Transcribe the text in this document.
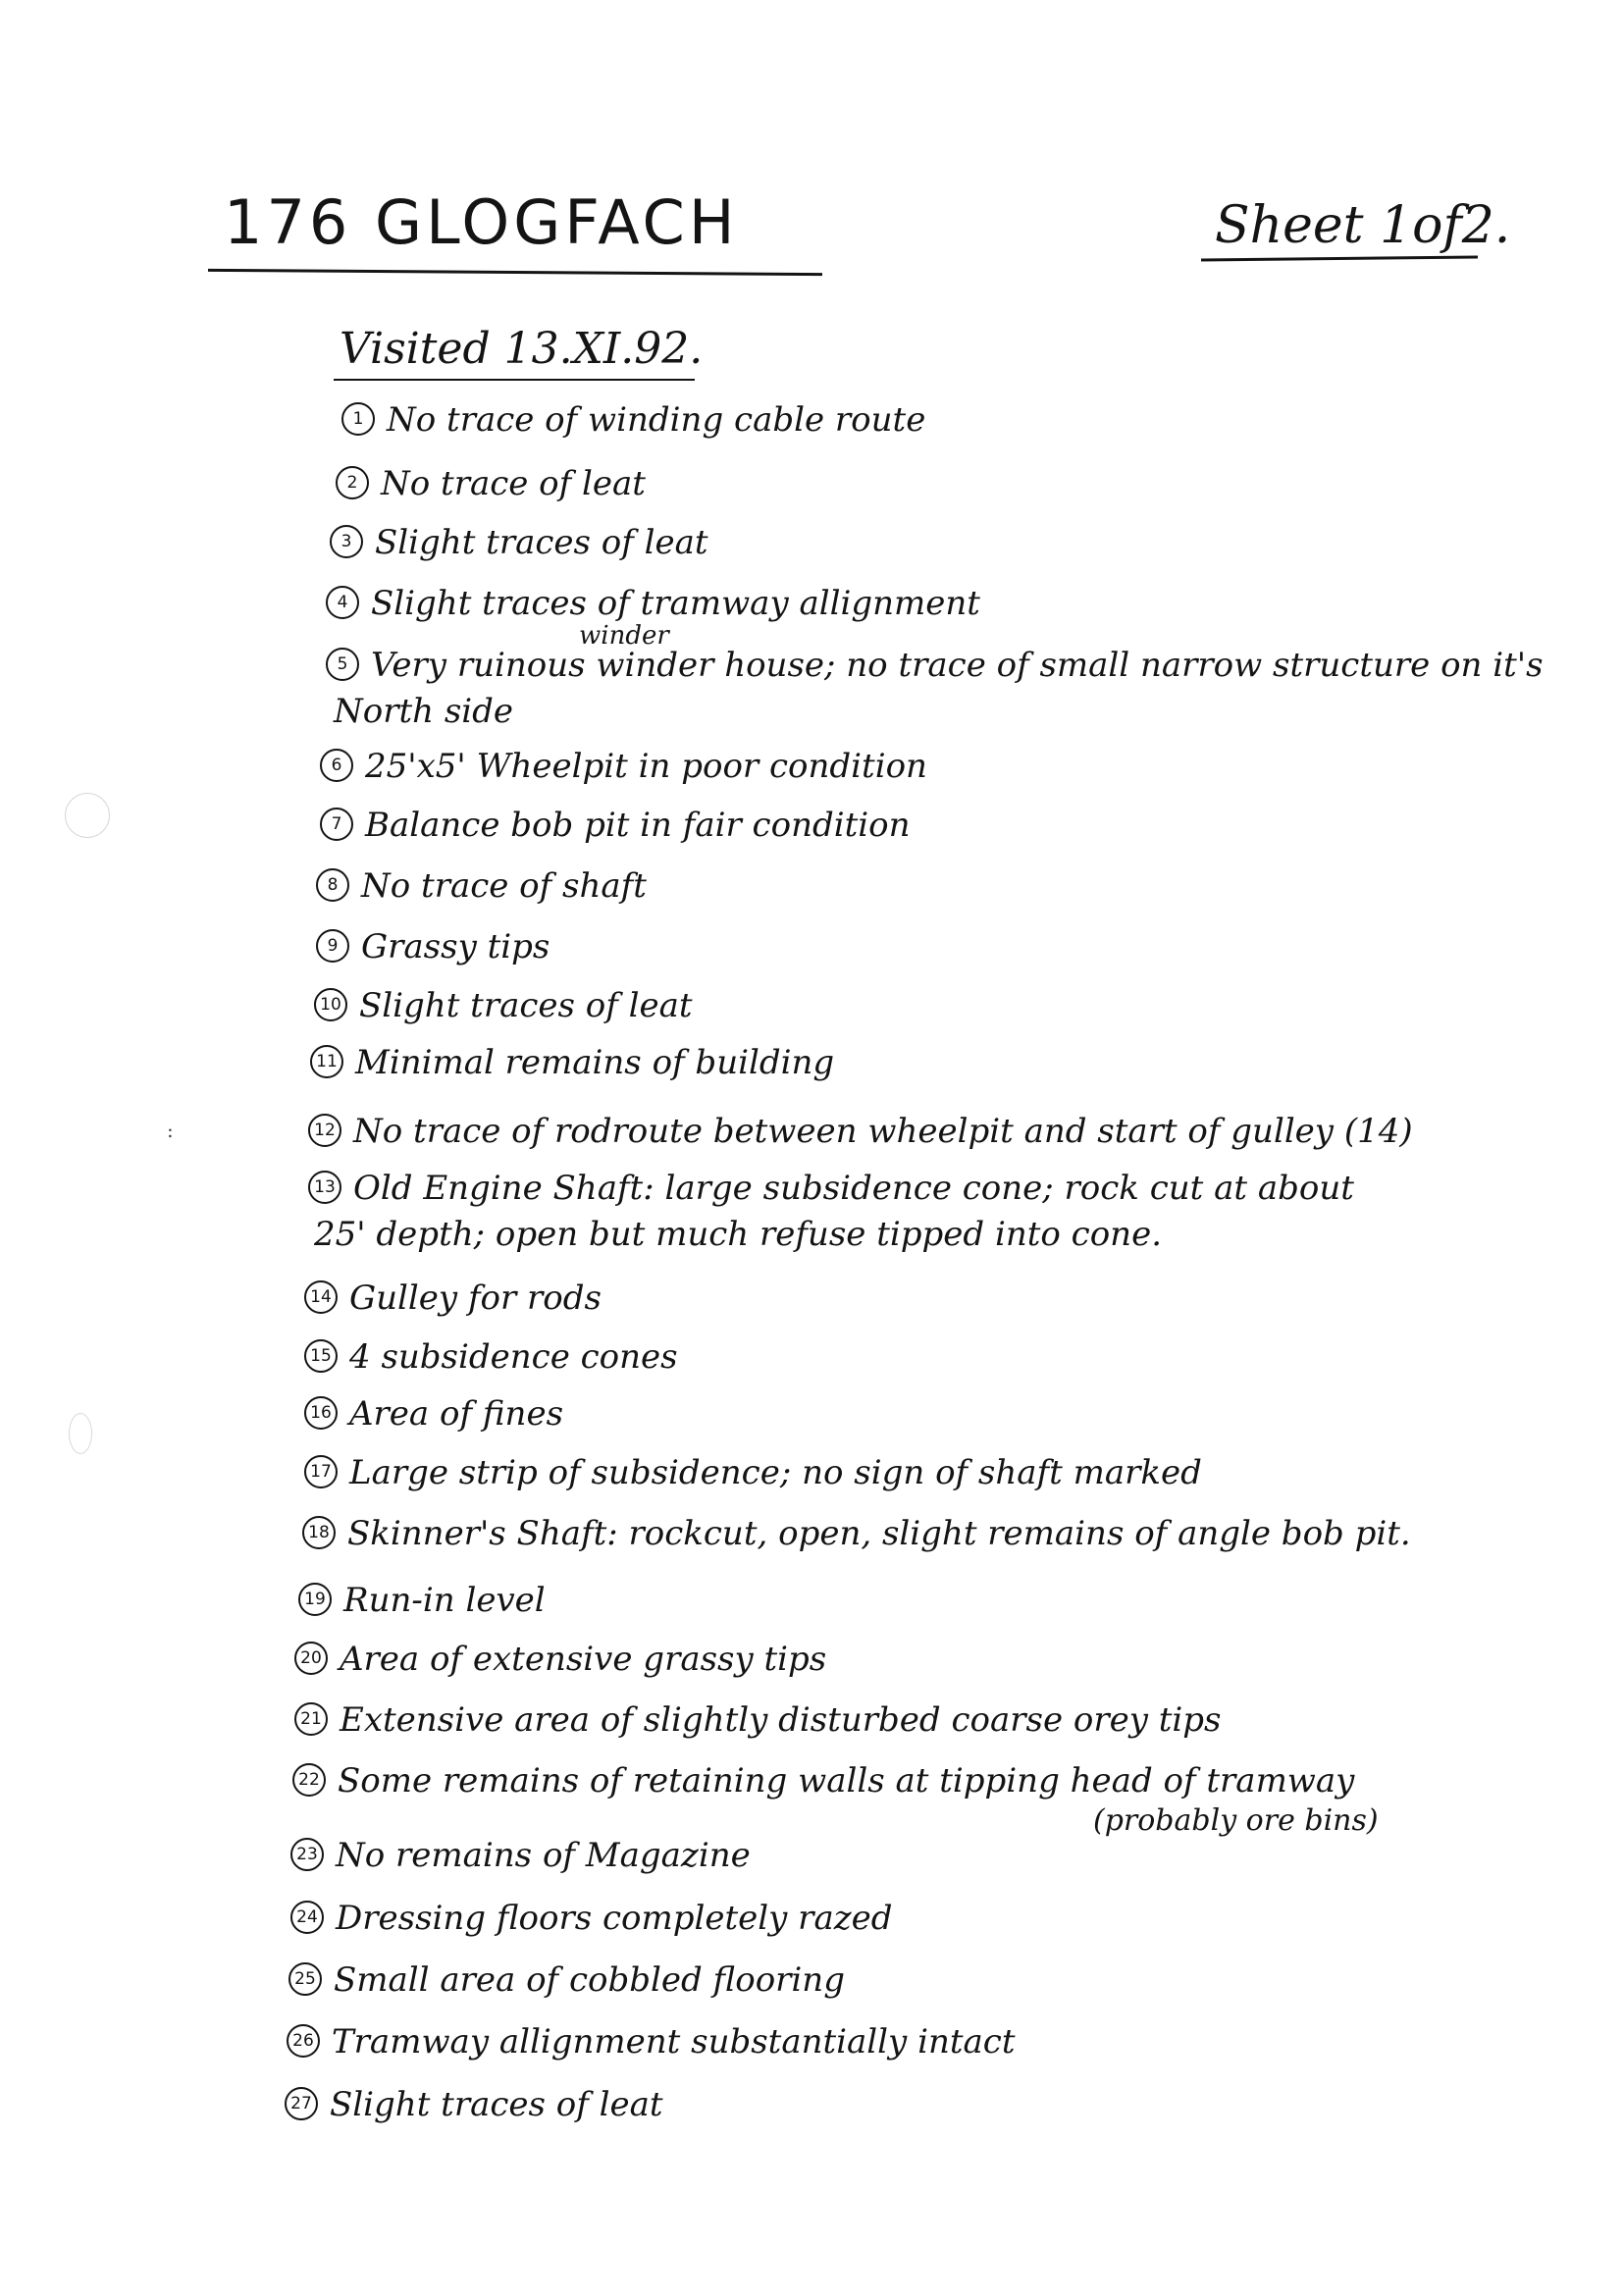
176 GLOGFACH	Sheet 1of2.
Visited 13.XI.92.
1 No trace of winding cable route
2 No trace of leat
3 Slight traces of leat
4 Slight traces of tramway allignment
5 Very ruinous winder house; no trace of small narrow structure on it's
North side
6 25'x5' Wheelpit in poor condition
7 Balance bob pit in fair condition
8 No trace of shaft
9 Grassy tips
10 Slight traces of leat
11 Minimal remains of building
12 No trace of rodroute between wheelpit and start of gulley (14)
13 Old Engine Shaft: large subsidence cone; rock cut at about
25' depth; open but much refuse tipped into cone.
14 Gulley for rods
15 4 subsidence cones
16 Area of fines
17 Large strip of subsidence; no sign of shaft marked
18 Skinner's Shaft: rockcut, open, slight remains of angle bob pit.
19 Run-in level
20 Area of extensive grassy tips
21 Extensive area of slightly disturbed coarse orey tips
22 Some remains of retaining walls at tipping head of tramway
(probably ore bins)
23 No remains of Magazine
24 Dressing floors completely razed
25 Small area of cobbled flooring
26 Tramway allignment substantially intact
27 Slight traces of leat
:
winder
